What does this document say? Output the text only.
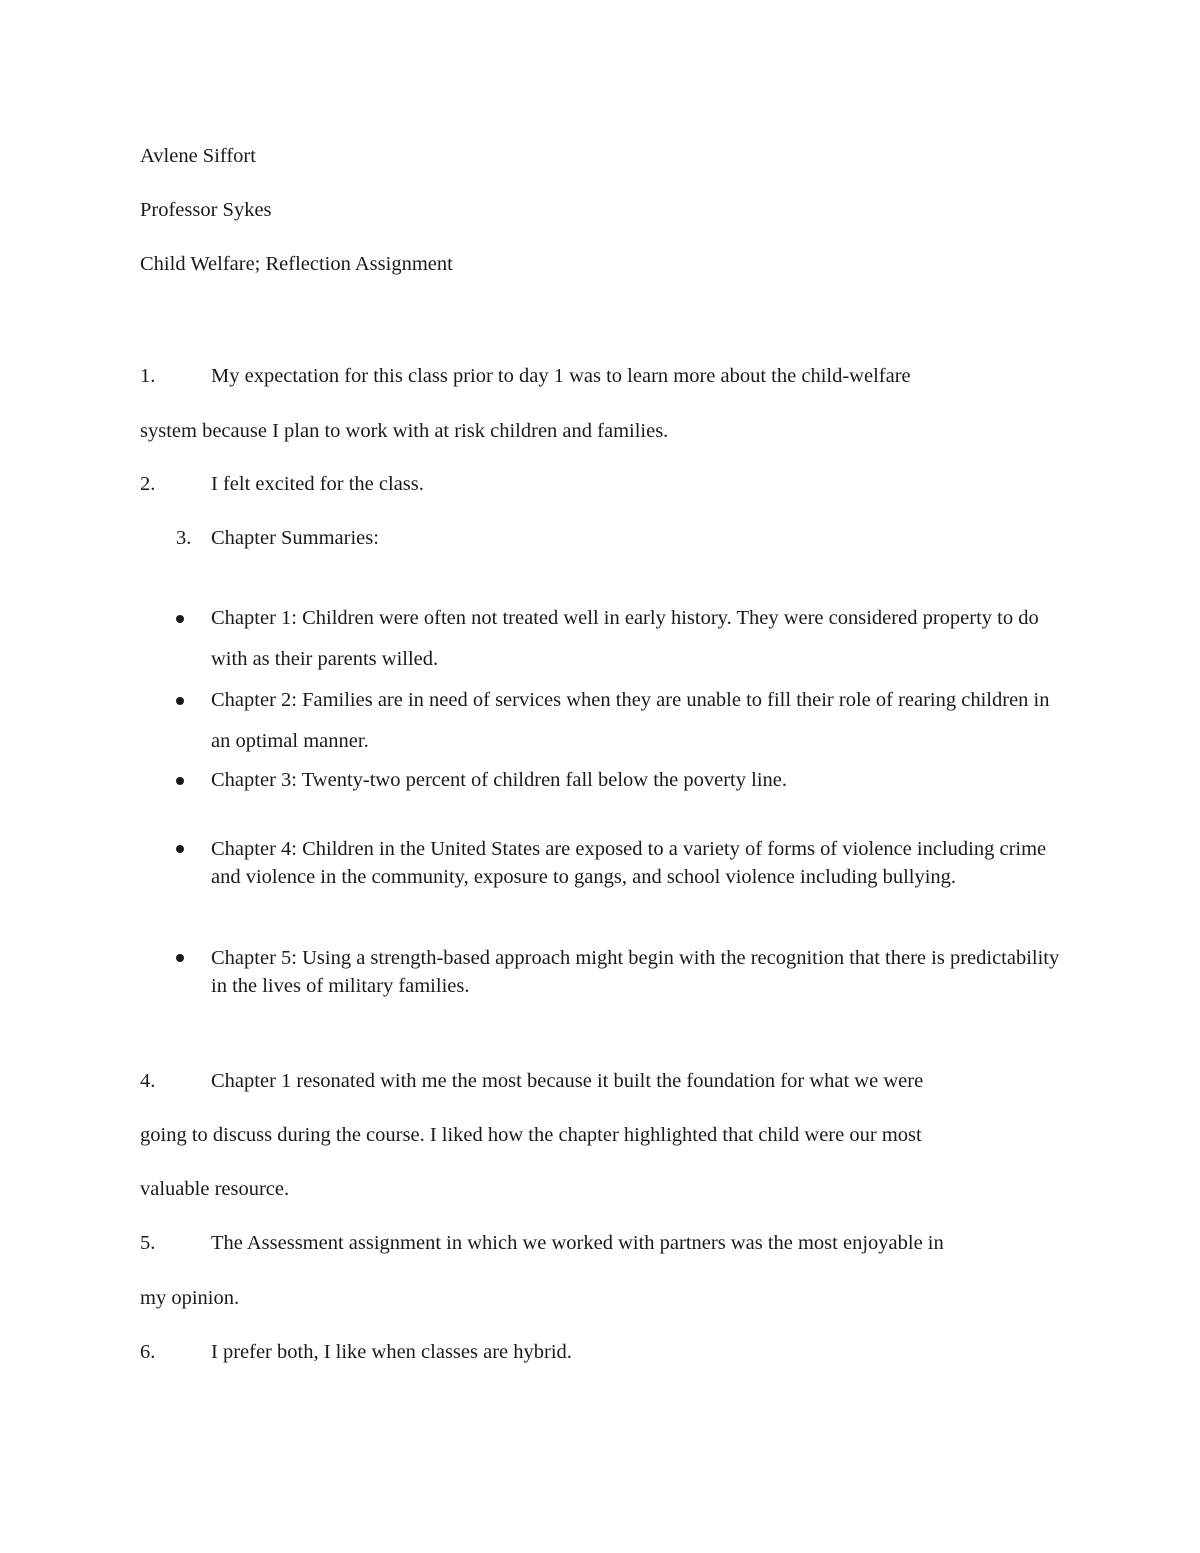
Avlene Siffort
Professor Sykes
Child Welfare; Reflection Assignment
1.	My expectation for this class prior to day 1 was to learn more about the child-welfare
system because I plan to work with at risk children and families.
2.	I felt excited for the class.
3. Chapter Summaries:
Chapter 1: Children were often not treated well in early history. They were considered property to do with as their parents willed.
Chapter 2: Families are in need of services when they are unable to fill their role of rearing children in an optimal manner.
Chapter 3: Twenty-two percent of children fall below the poverty line.
Chapter 4: Children in the United States are exposed to a variety of forms of violence including crime and violence in the community, exposure to gangs, and school violence including bullying.
Chapter 5: Using a strength-based approach might begin with the recognition that there is predictability in the lives of military families.
4.	Chapter 1 resonated with me the most because it built the foundation for what we were
going to discuss during the course. I liked how the chapter highlighted that child were our most
valuable resource.
5.	The Assessment assignment in which we worked with partners was the most enjoyable in
my opinion.
6.	I prefer both, I like when classes are hybrid.
